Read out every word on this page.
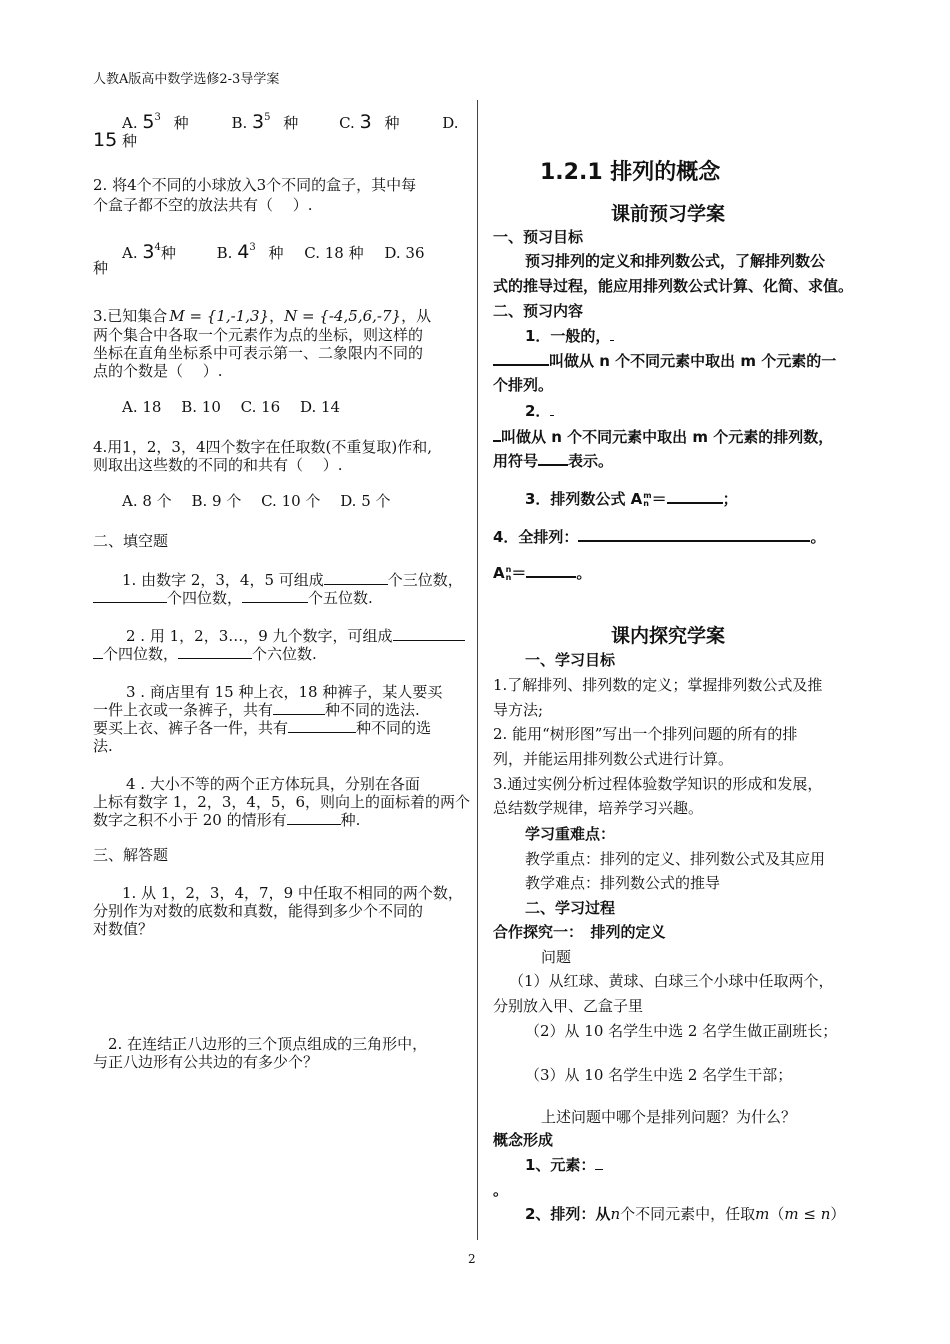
人教A版高中数学选修2-3导学案
A. $5^3$ 种	B. $3^5$ 种	C. 3 种	D.
15 种
2. 将4个不同的小球放入3个不同的盒子，其中每
个盒子都不空的放法共有（　 ）.
A. $3^4$种	B. $4^3$ 种 C. 18 种 D. 36
种
3.已知集合 M = {1,-1,3}，N = {-4,5,6,-7}，从
两个集合中各取一个元素作为点的坐标，则这样的
坐标在直角坐标系中可表示第一、二象限内不同的
点的个数是（　 ）.
A. 18　 B. 10　 C. 16　 D. 14
4.用1，2，3，4四个数字在任取数(不重复取)作和,
则取出这些数的不同的和共有（　 ）.
A. 8 个　 B. 9 个　 C. 10 个　 D. 5 个
二、填空题
1. 由数字 2，3，4，5 可组成	个三位数，
个四位数，	个五位数.
2 . 用 1，2，3…，9 九个数字，可组成
个四位数，	个六位数.
3 . 商店里有 15 种上衣，18 种裤子，某人要买
一件上衣或一条裤子，共有	种不同的选法.
要买上衣、裤子各一件，共有	种不同的选
法.
4 . 大小不等的两个正方体玩具，分别在各面
上标有数字 1，2，3，4，5，6，则向上的面标着的两个
数字之积不小于 20 的情形有	种.
三、解答题
1. 从 1，2，3，4，7，9 中任取不相同的两个数，
分别作为对数的底数和真数，能得到多少个不同的
对数值？
2. 在连结正八边形的三个顶点组成的三角形中，
与正八边形有公共边的有多少个？
1.2.1 排列的概念
课前预习学案
一、预习目标
预习排列的定义和排列数公式，了解排列数公
式的推导过程，能应用排列数公式计算、化简、求值。
二、预习内容
1．一般的，
叫做从 n 个不同元素中取出 m 个元素的一
个排列。
2．
叫做从 n 个不同元素中取出 m 个元素的排列数，
用符号 表示。
3．排列数公式 Am
n ＝	；
4．全排列：	。
An
n＝	。
课内探究学案
一、学习目标
1.了解排列、排列数的定义；掌握排列数公式及推
导方法;
2. 能用“树形图”写出一个排列问题的所有的排
列，并能运用排列数公式进行计算。
3.通过实例分析过程体验数学知识的形成和发展，
总结数学规律，培养学习兴趣。
学习重难点：
教学重点：排列的定义、排列数公式及其应用
教学难点：排列数公式的推导
二、学习过程
合作探究一：　排列的定义
问题
（1）从红球、黄球、白球三个小球中任取两个，
分别放入甲、乙盒子里
（2）从 10 名学生中选 2 名学生做正副班长；
（3）从 10 名学生中选 2 名学生干部；
上述问题中哪个是排列问题？为什么？
概念形成
1、元素：
。
2、排列：从n个不同元素中，任取m（m ≤ n）
2
